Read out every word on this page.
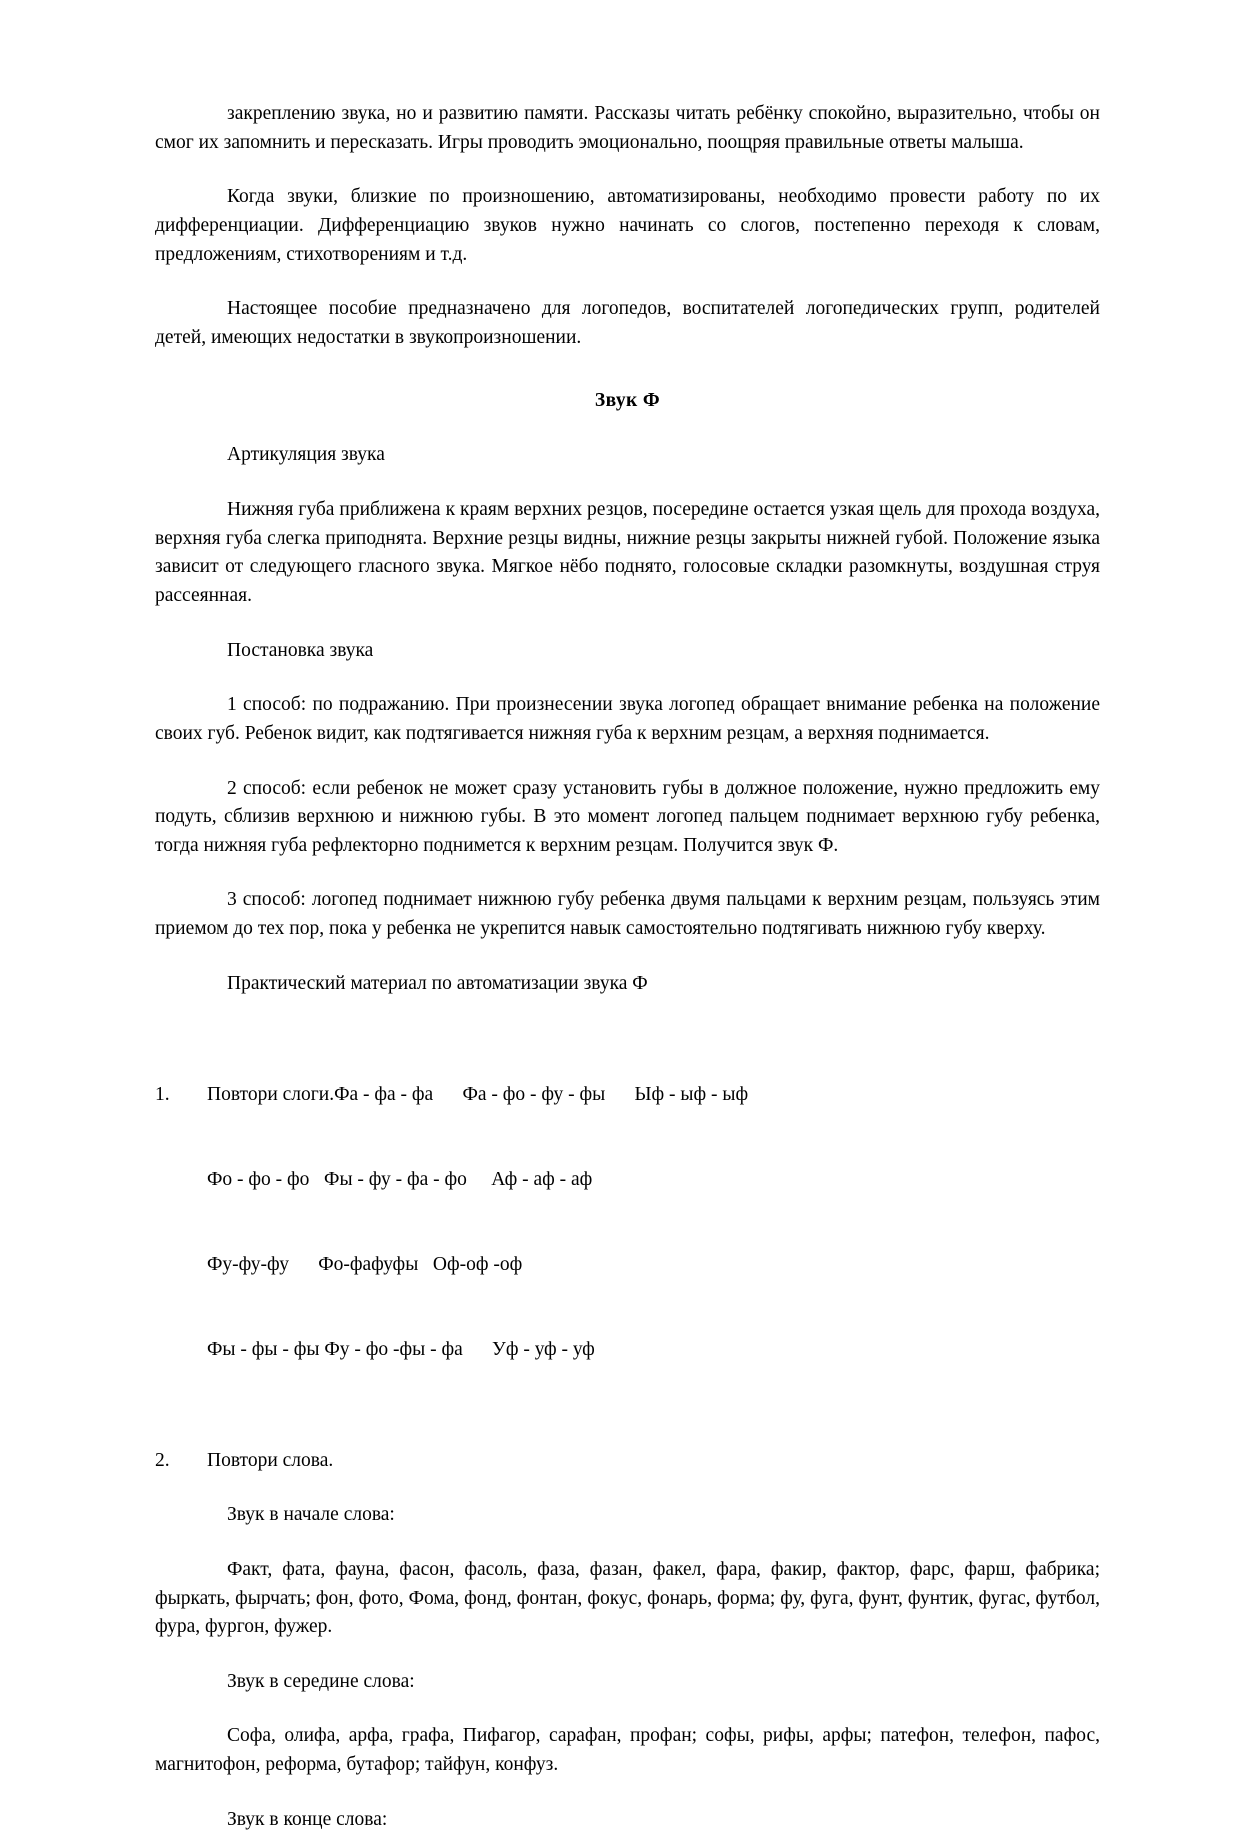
закреплению звука, но и развитию памяти. Рассказы читать ребёнку спокойно, выразительно, чтобы он смог их запомнить и пересказать. Игры проводить эмоционально, поощряя правильные ответы малыша.

Когда звуки, близкие по произношению, автоматизированы, необходимо провести работу по их дифференциации. Дифференциацию звуков нужно начинать со слогов, постепенно переходя к словам, предложениям, стихотворениям и т.д.

Настоящее пособие предназначено для логопедов, воспитателей логопедических групп, родителей детей, имеющих недостатки в звукопроизношении.

Звук Ф
Артикуляция звука

Нижняя губа приближена к краям верхних резцов, посередине остается узкая щель для прохода воздуха, верхняя губа слегка приподнята. Верхние резцы видны, нижние резцы закрыты нижней губой. Положение языка зависит от следующего гласного звука. Мягкое нёбо поднято, голосовые складки разомкнуты, воздушная струя рассеянная.

Постановка звука

1 способ: по подражанию. При произнесении звука логопед обращает внимание ребенка на положение своих губ. Ребенок видит, как подтягивается нижняя губа к верхним резцам, а верхняя поднимается.

2 способ: если ребенок не может сразу установить губы в должное положение, нужно предложить ему подуть, сблизив верхнюю и нижнюю губы. В это момент логопед пальцем поднимает верхнюю губу ребенка, тогда нижняя губа рефлекторно поднимется к верхним резцам. Получится звук Ф.

3 способ: логопед поднимает нижнюю губу ребенка двумя пальцами к верхним резцам, пользуясь этим приемом до тех пор, пока у ребенка не укрепится навык самостоятельно подтягивать нижнюю губу кверху.

Практический материал по автоматизации звука Ф

1. Повтори слоги.Фа - фа - фа Фа - фо - фу - фы Ыф - ыф - ыф

Фо - фо - фо Фы - фу - фа - фо Аф - аф - аф

Фу-фу-фу Фо-фафуфы Оф-оф -оф

Фы - фы - фы Фу - фо -фы - фа Уф - уф - уф

2. Повтори слова.
Звук в начале слова:

Факт, фата, фауна, фасон, фасоль, фаза, фазан, факел, фара, факир, фактор, фарс, фарш, фабрика; фыркать, фырчать; фон, фото, Фома, фонд, фонтан, фокус, фонарь, форма; фу, фуга, фунт, фунтик, фугас, футбол, фура, фургон, фужер.

Звук в середине слова:

Софа, олифа, арфа, графа, Пифагор, сарафан, профан; софы, рифы, арфы; патефон, телефон, пафос, магнитофон, реформа, бутафор; тайфун, конфуз.

Звук в конце слова:
